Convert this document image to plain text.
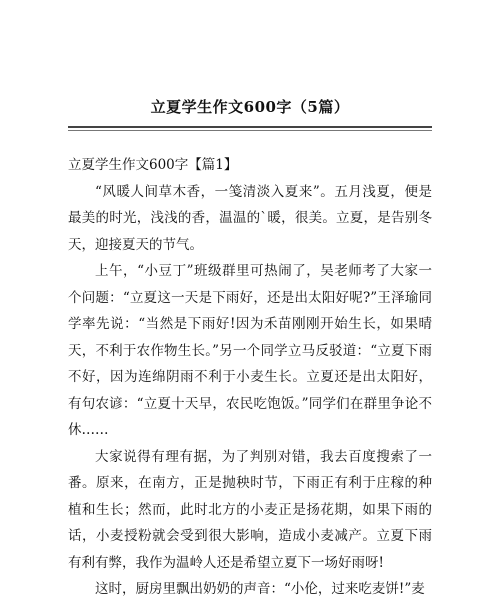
立夏学生作文600字（5篇）

立夏学生作文600字【篇1】

“风暖人间草木香，一笺清淡入夏来”。五月浅夏，便是最美的时光，浅浅的香，温温的`暖，很美。立夏，是告别冬天，迎接夏天的节气。

上午，“小豆丁”班级群里可热闹了，吴老师考了大家一个问题：“立夏这一天是下雨好，还是出太阳好呢?”王泽瑜同学率先说：“当然是下雨好!因为禾苗刚刚开始生长，如果晴天，不利于农作物生长。”另一个同学立马反驳道：“立夏下雨不好，因为连绵阴雨不利于小麦生长。立夏还是出太阳好，有句农谚：“立夏十天早，农民吃饱饭。”同学们在群里争论不休……

大家说得有理有据，为了判别对错，我去百度搜索了一番。原来，在南方，正是抛秧时节，下雨正有利于庄稼的种植和生长；然而，此时北方的小麦正是扬花期，如果下雨的话，小麦授粉就会受到很大影响，造成小麦减产。立夏下雨有利有弊，我作为温岭人还是希望立夏下一场好雨呀!

这时，厨房里飘出奶奶的声音：“小伦，过来吃麦饼!”麦
